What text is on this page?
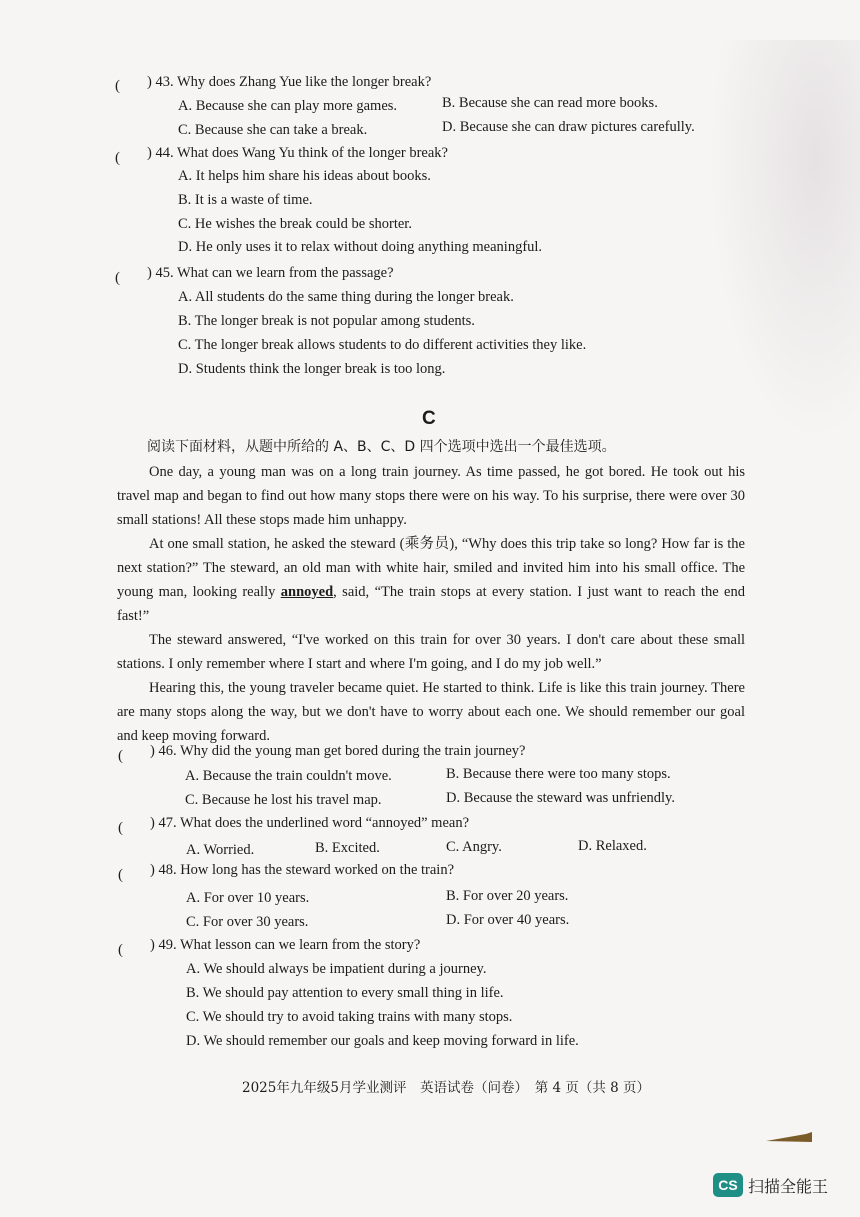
( ) 43. Why does Zhang Yue like the longer break?
A. Because she can play more games.	B. Because she can read more books.
C. Because she can take a break.	D. Because she can draw pictures carefully.
( ) 44. What does Wang Yu think of the longer break?
A. It helps him share his ideas about books.
B. It is a waste of time.
C. He wishes the break could be shorter.
D. He only uses it to relax without doing anything meaningful.
( ) 45. What can we learn from the passage?
A. All students do the same thing during the longer break.
B. The longer break is not popular among students.
C. The longer break allows students to do different activities they like.
D. Students think the longer break is too long.
C
阅读下面材料，从题中所给的 A、B、C、D 四个选项中选出一个最佳选项。

One day, a young man was on a long train journey. As time passed, he got bored. He took out his travel map and began to find out how many stops there were on his way. To his surprise, there were over 30 small stations! All these stops made him unhappy.

At one small station, he asked the steward (乘务员), “Why does this trip take so long? How far is the next station?” The steward, an old man with white hair, smiled and invited him into his small office. The young man, looking really annoyed, said, “The train stops at every station. I just want to reach the end fast!”

The steward answered, “I've worked on this train for over 30 years. I don't care about these small stations. I only remember where I start and where I'm going, and I do my job well.”

Hearing this, the young traveler became quiet. He started to think. Life is like this train journey. There are many stops along the way, but we don't have to worry about each one. We should remember our goal and keep moving forward.

( ) 46. Why did the young man get bored during the train journey?
A. Because the train couldn't move.	B. Because there were too many stops.
C. Because he lost his travel map.	D. Because the steward was unfriendly.
( ) 47. What does the underlined word “annoyed” mean?
A. Worried.	B. Excited.	C. Angry.	D. Relaxed.
( ) 48. How long has the steward worked on the train?
A. For over 10 years.	B. For over 20 years.
C. For over 30 years.	D. For over 40 years.
( ) 49. What lesson can we learn from the story?
A. We should always be impatient during a journey.
B. We should pay attention to every small thing in life.
C. We should try to avoid taking trains with many stops.
D. We should remember our goals and keep moving forward in life.
2025年九年级5月学业测评　英语试卷（问卷）　第 4 页（共 8 页）
CS 扫描全能王
